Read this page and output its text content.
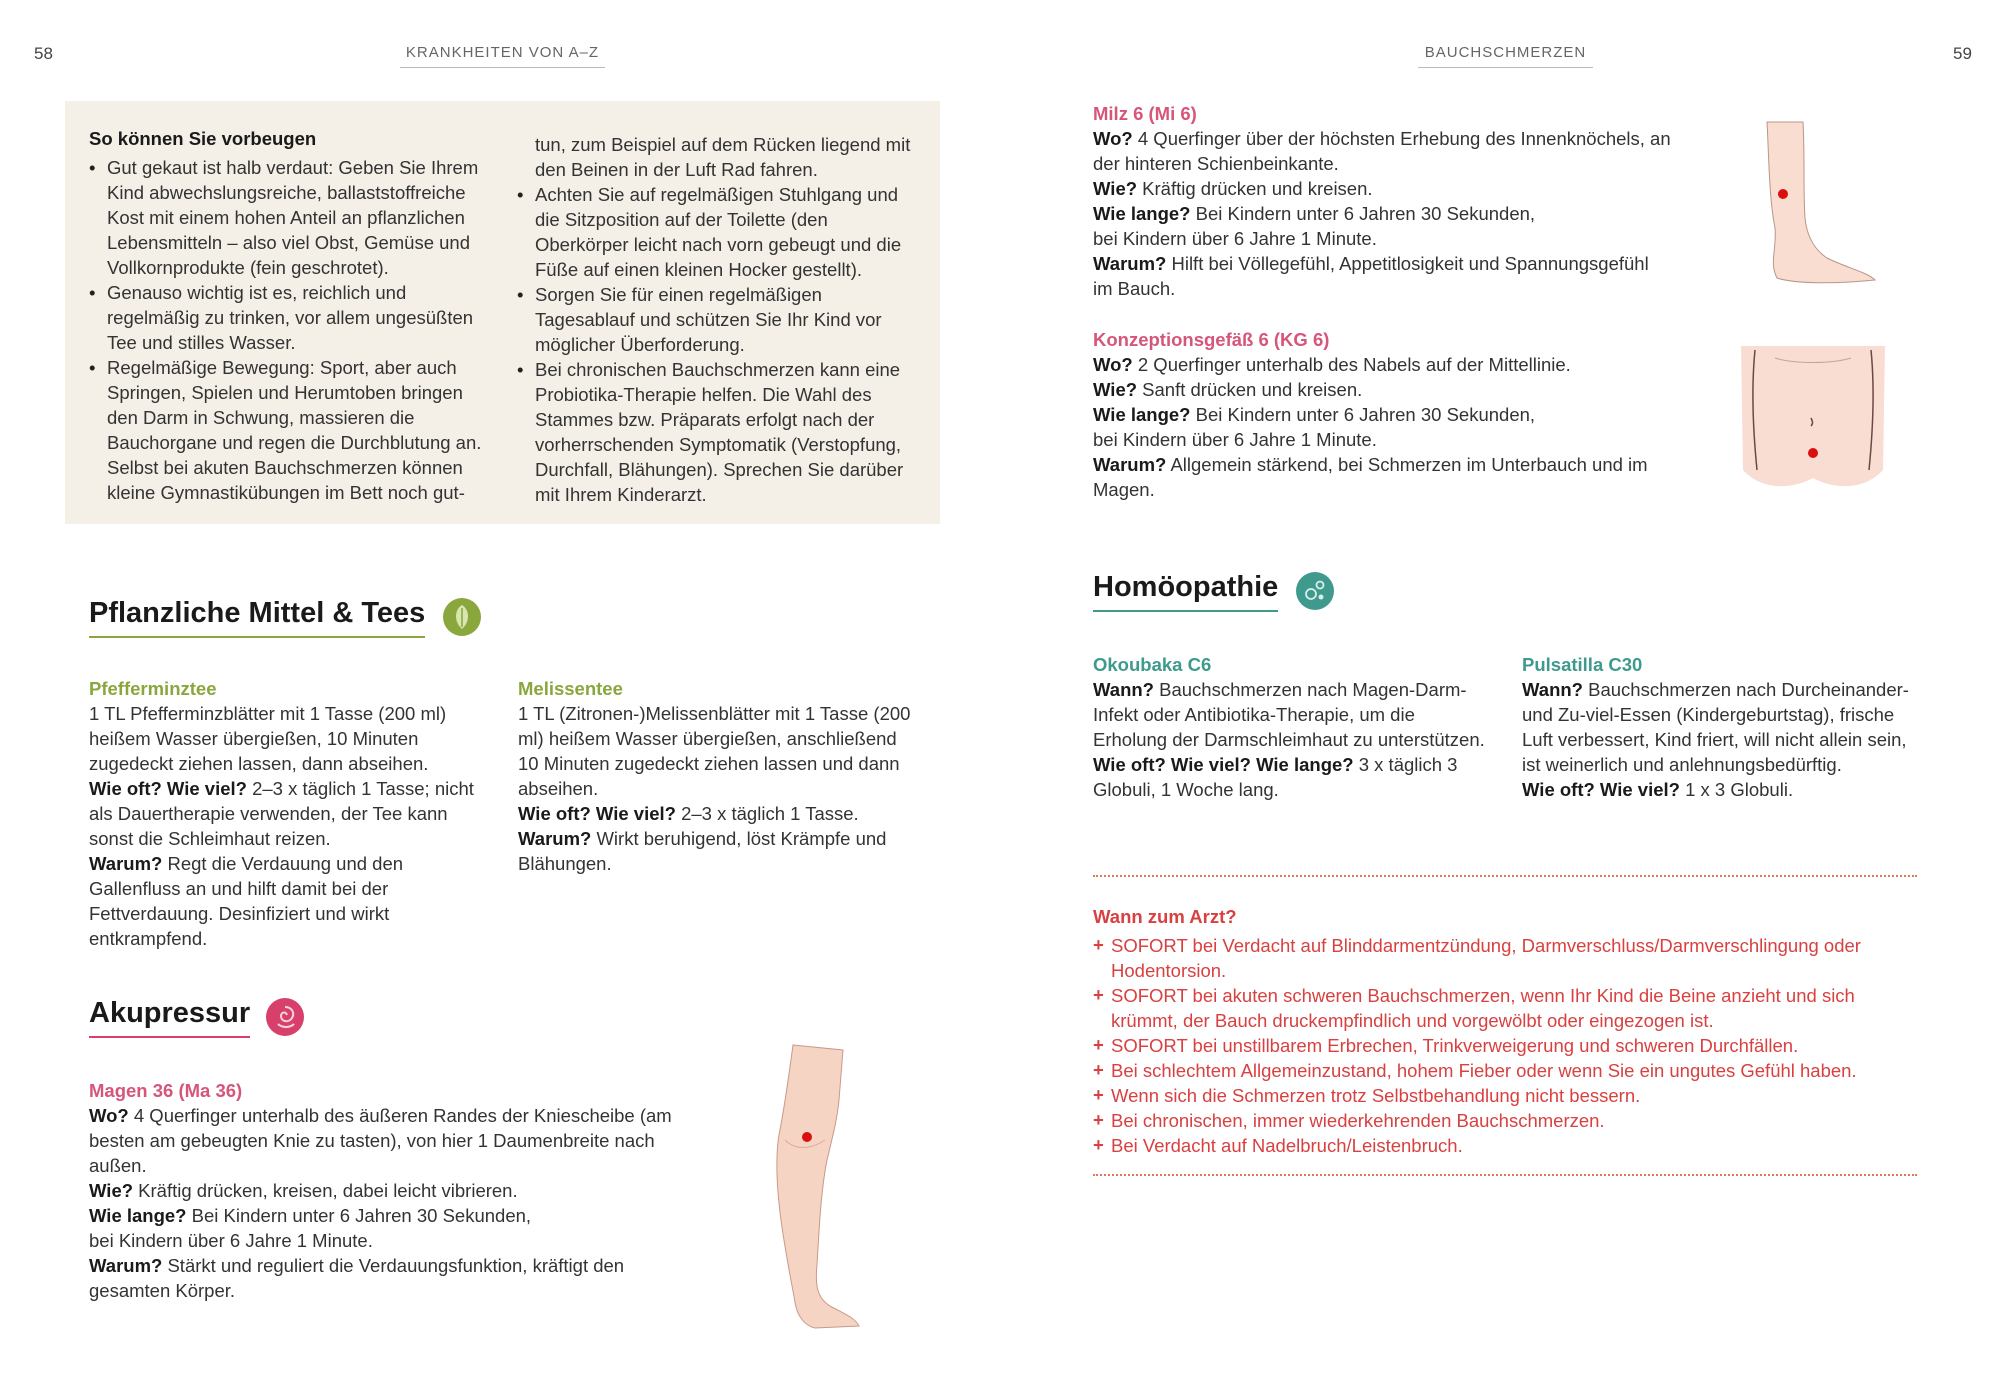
58	KRANKHEITEN VON A–Z	BAUCHSCHMERZEN	59
So können Sie vorbeugen
• Gut gekaut ist halb verdaut: Geben Sie Ihrem Kind abwechslungsreiche, ballaststoffreiche Kost mit einem hohen Anteil an pflanzlichen Lebensmitteln – also viel Obst, Gemüse und Vollkornprodukte (fein geschrotet).
• Genauso wichtig ist es, reichlich und regelmäßig zu trinken, vor allem ungesüßten Tee und stilles Wasser.
• Regelmäßige Bewegung: Sport, aber auch Springen, Spielen und Herumtoben bringen den Darm in Schwung, massieren die Bauchorgane und regen die Durchblutung an. Selbst bei akuten Bauchschmerzen können kleine Gymnastikübungen im Bett noch gut-

tun, zum Beispiel auf dem Rücken liegend mit den Beinen in der Luft Rad fahren.

• Achten Sie auf regelmäßigen Stuhlgang und die Sitzposition auf der Toilette (den Oberkörper leicht nach vorn gebeugt und die Füße auf einen kleinen Hocker gestellt).
• Sorgen Sie für einen regelmäßigen Tagesablauf und schützen Sie Ihr Kind vor möglicher Überforderung.
• Bei chronischen Bauchschmerzen kann eine Probiotika-Therapie helfen. Die Wahl des Stammes bzw. Präparats erfolgt nach der vorherrschenden Symptomatik (Verstopfung, Durchfall, Blähungen). Sprechen Sie darüber mit Ihrem Kinderarzt.
Pflanzliche Mittel & Tees

Pfefferminztee

1 TL Pfefferminzblätter mit 1 Tasse (200 ml) heißem Wasser übergießen, 10 Minuten zugedeckt ziehen lassen, dann abseihen.

Wie oft? Wie viel? 2–3 x täglich 1 Tasse; nicht als Dauertherapie verwenden, der Tee kann sonst die Schleimhaut reizen.

Warum? Regt die Verdauung und den Gallenfluss an und hilft damit bei der Fettverdauung. Desinfiziert und wirkt entkrampfend.

Melissentee

1 TL (Zitronen-)Melissenblätter mit 1 Tasse (200 ml) heißem Wasser übergießen, anschließend 10 Minuten zugedeckt ziehen lassen und dann abseihen.

Wie oft? Wie viel? 2–3 x täglich 1 Tasse.

Warum? Wirkt beruhigend, löst Krämpfe und Blähungen.

Akupressur

Magen 36 (Ma 36)

Wo? 4 Querfinger unterhalb des äußeren Randes der Kniescheibe (am besten am gebeugten Knie zu tasten), von hier 1 Daumenbreite nach außen.

Wie? Kräftig drücken, kreisen, dabei leicht vibrieren.

Wie lange? Bei Kindern unter 6 Jahren 30 Sekunden,

bei Kindern über 6 Jahre 1 Minute.

Warum? Stärkt und reguliert die Verdauungsfunktion, kräftigt den gesamten Körper.

Milz 6 (Mi 6)

Wo? 4 Querfinger über der höchsten Erhebung des Innenknöchels, an der hinteren Schienbeinkante.

Wie? Kräftig drücken und kreisen.

Wie lange? Bei Kindern unter 6 Jahren 30 Sekunden,

bei Kindern über 6 Jahre 1 Minute.

Warum? Hilft bei Völlegefühl, Appetitlosigkeit und Spannungsgefühl im Bauch.

Konzeptionsgefäß 6 (KG 6)

Wo? 2 Querfinger unterhalb des Nabels auf der Mittellinie.

Wie? Sanft drücken und kreisen.

Wie lange? Bei Kindern unter 6 Jahren 30 Sekunden,

bei Kindern über 6 Jahre 1 Minute.

Warum? Allgemein stärkend, bei Schmerzen im Unterbauch und im Magen.

Homöopathie

Okoubaka C6

Wann? Bauchschmerzen nach Magen-Darm-Infekt oder Antibiotika-Therapie, um die Erholung der Darmschleimhaut zu unterstützen.

Wie oft? Wie viel? Wie lange? 3 x täglich 3 Globuli, 1 Woche lang.

Pulsatilla C30

Wann? Bauchschmerzen nach Durcheinander- und Zu-viel-Essen (Kindergeburtstag), frische Luft verbessert, Kind friert, will nicht allein sein, ist weinerlich und anlehnungsbedürftig.

Wie oft? Wie viel? 1 x 3 Globuli.

Wann zum Arzt?

+ SOFORT bei Verdacht auf Blinddarmentzündung, Darmverschluss/Darmverschlingung oder Hodentorsion.
+ SOFORT bei akuten schweren Bauchschmerzen, wenn Ihr Kind die Beine anzieht und sich krümmt, der Bauch druckempfindlich und vorgewölbt oder eingezogen ist.
+ SOFORT bei unstillbarem Erbrechen, Trinkverweigerung und schweren Durchfällen.
+ Bei schlechtem Allgemeinzustand, hohem Fieber oder wenn Sie ein ungutes Gefühl haben.
+ Wenn sich die Schmerzen trotz Selbstbehandlung nicht bessern.
+ Bei chronischen, immer wiederkehrenden Bauchschmerzen.
+ Bei Verdacht auf Nadelbruch/Leistenbruch.
